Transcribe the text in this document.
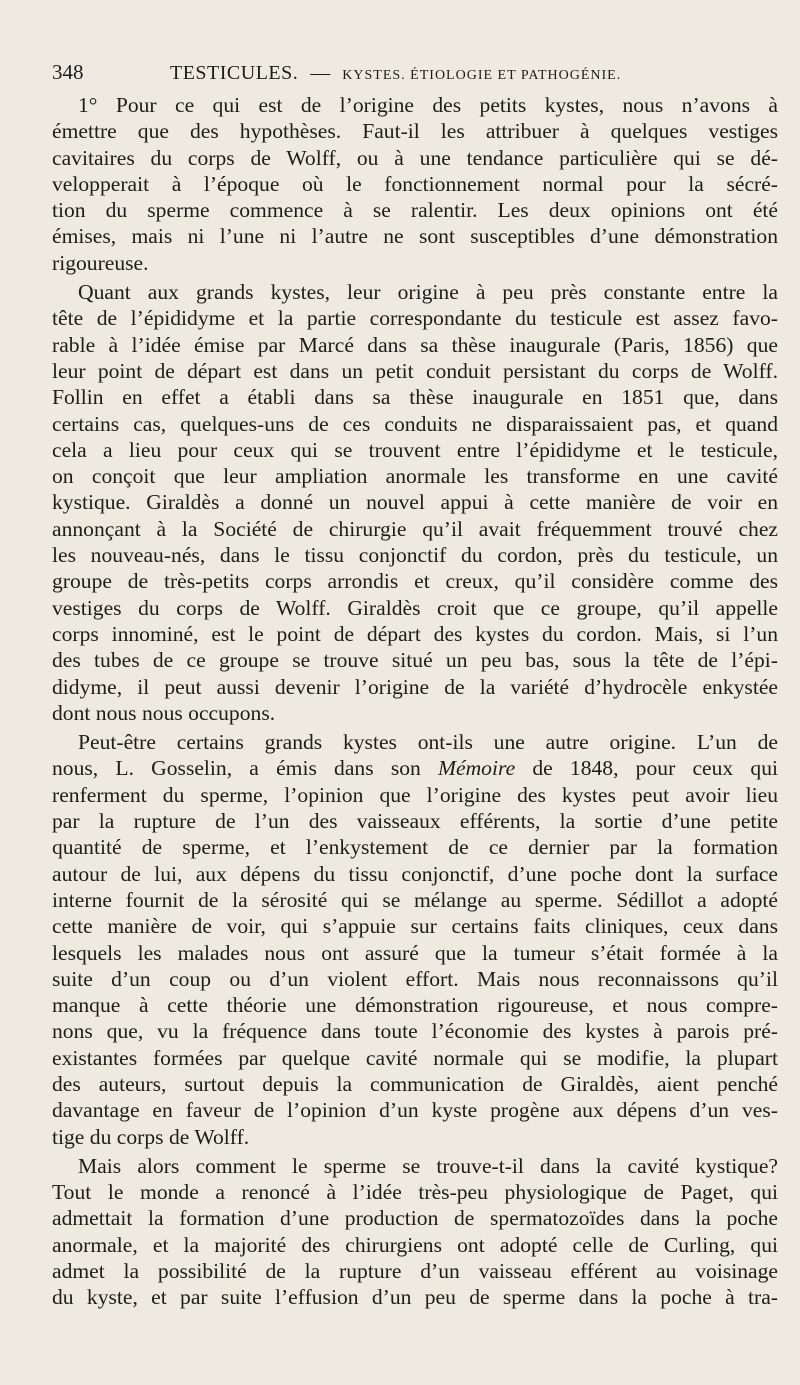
348	TESTICULES. — KYSTES. ÉTIOLOGIE ET PATHOGÉNIE.

1° Pour ce qui est de l’origine des petits kystes, nous n’avons à
émettre que des hypothèses. Faut-il les attribuer à quelques vestiges
cavitaires du corps de Wolff, ou à une tendance particulière qui se dé-
velopperait à l’époque où le fonctionnement normal pour la sécré-
tion du sperme commence à se ralentir. Les deux opinions ont été
émises, mais ni l’une ni l’autre ne sont susceptibles d’une démonstration
rigoureuse.

Quant aux grands kystes, leur origine à peu près constante entre la
tête de l’épididyme et la partie correspondante du testicule est assez favo-
rable à l’idée émise par Marcé dans sa thèse inaugurale (Paris, 1856) que
leur point de départ est dans un petit conduit persistant du corps de Wolff.
Follin en effet a établi dans sa thèse inaugurale en 1851 que, dans
certains cas, quelques-uns de ces conduits ne disparaissaient pas, et quand
cela a lieu pour ceux qui se trouvent entre l’épididyme et le testicule,
on conçoit que leur ampliation anormale les transforme en une cavité
kystique. Giraldès a donné un nouvel appui à cette manière de voir en
annonçant à la Société de chirurgie qu’il avait fréquemment trouvé chez
les nouveau-nés, dans le tissu conjonctif du cordon, près du testicule, un
groupe de très-petits corps arrondis et creux, qu’il considère comme des
vestiges du corps de Wolff. Giraldès croit que ce groupe, qu’il appelle
corps innominé, est le point de départ des kystes du cordon. Mais, si l’un
des tubes de ce groupe se trouve situé un peu bas, sous la tête de l’épi-
didyme, il peut aussi devenir l’origine de la variété d’hydrocèle enkystée
dont nous nous occupons.

Peut-être certains grands kystes ont-ils une autre origine. L’un de
nous, L. Gosselin, a émis dans son Mémoire de 1848, pour ceux qui
renferment du sperme, l’opinion que l’origine des kystes peut avoir lieu
par la rupture de l’un des vaisseaux efférents, la sortie d’une petite
quantité de sperme, et l’enkystement de ce dernier par la formation
autour de lui, aux dépens du tissu conjonctif, d’une poche dont la surface
interne fournit de la sérosité qui se mélange au sperme. Sédillot a adopté
cette manière de voir, qui s’appuie sur certains faits cliniques, ceux dans
lesquels les malades nous ont assuré que la tumeur s’était formée à la
suite d’un coup ou d’un violent effort. Mais nous reconnaissons qu’il
manque à cette théorie une démonstration rigoureuse, et nous compre-
nons que, vu la fréquence dans toute l’économie des kystes à parois pré-
existantes formées par quelque cavité normale qui se modifie, la plupart
des auteurs, surtout depuis la communication de Giraldès, aient penché
davantage en faveur de l’opinion d’un kyste progène aux dépens d’un ves-
tige du corps de Wolff.

Mais alors comment le sperme se trouve-t-il dans la cavité kystique?
Tout le monde a renoncé à l’idée très-peu physiologique de Paget, qui
admettait la formation d’une production de spermatozoïdes dans la poche
anormale, et la majorité des chirurgiens ont adopté celle de Curling, qui
admet la possibilité de la rupture d’un vaisseau efférent au voisinage
du kyste, et par suite l’effusion d’un peu de sperme dans la poche à tra-
